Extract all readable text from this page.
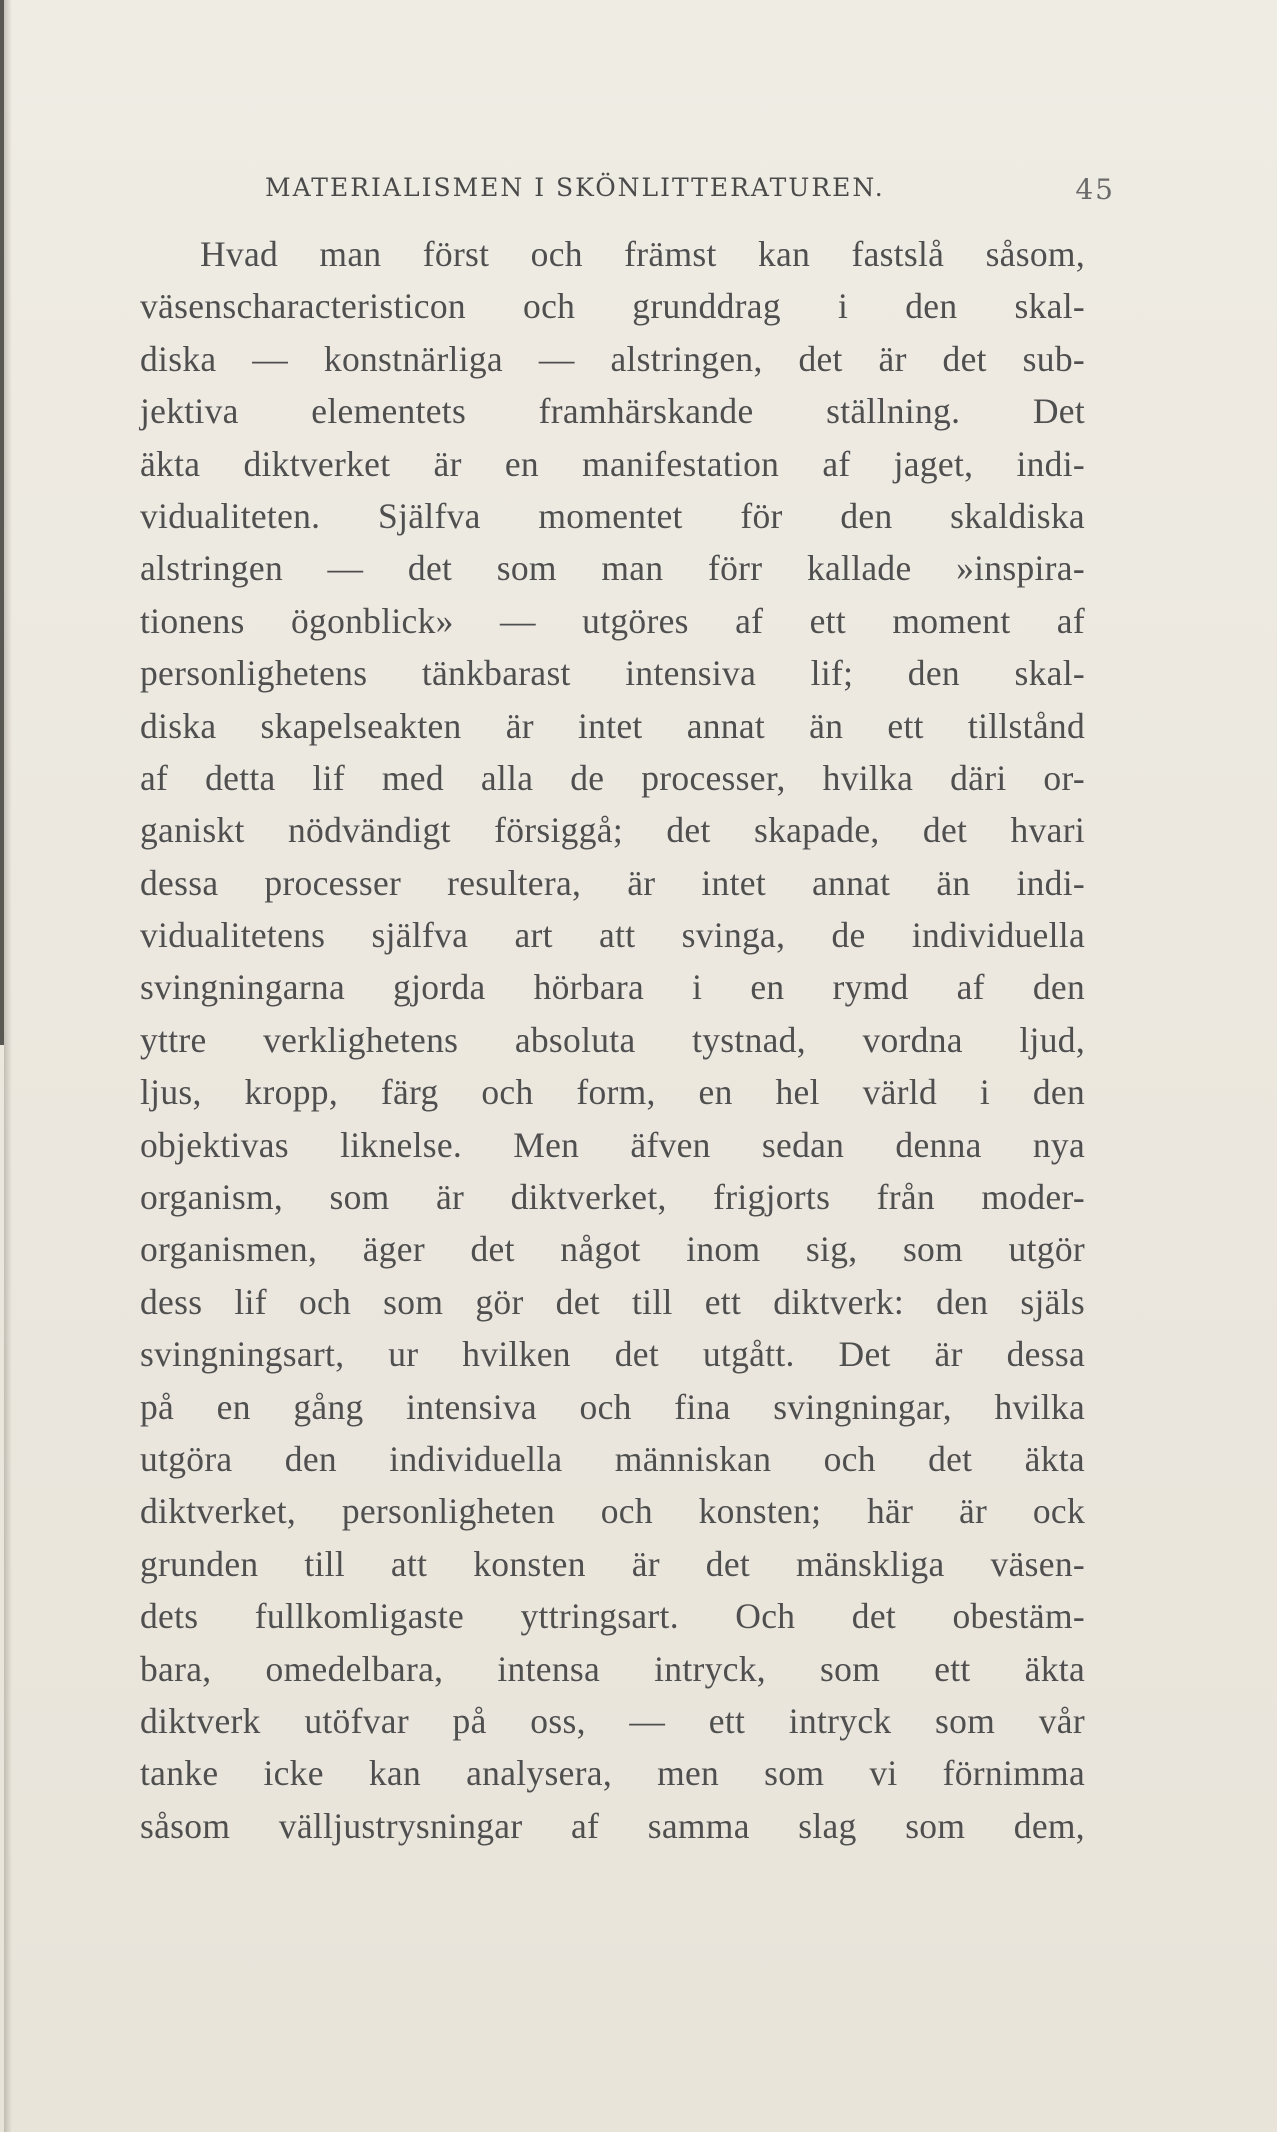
MATERIALISMEN I SKÖNLITTERATUREN.	45
Hvad man först och främst kan fastslå såsom,
väsenscharacteristicon och grunddrag i den skal-
diska — konstnärliga — alstringen, det är det sub-
jektiva elementets framhärskande ställning. Det
äkta diktverket är en manifestation af jaget, indi-
vidualiteten. Själfva momentet för den skaldiska
alstringen — det som man förr kallade »inspira-
tionens ögonblick» — utgöres af ett moment af
personlighetens tänkbarast intensiva lif; den skal-
diska skapelseakten är intet annat än ett tillstånd
af detta lif med alla de processer, hvilka däri or-
ganiskt nödvändigt försiggå; det skapade, det hvari
dessa processer resultera, är intet annat än indi-
vidualitetens själfva art att svinga, de individuella
svingningarna gjorda hörbara i en rymd af den
yttre verklighetens absoluta tystnad, vordna ljud,
ljus, kropp, färg och form, en hel värld i den
objektivas liknelse. Men äfven sedan denna nya
organism, som är diktverket, frigjorts från moder-
organismen, äger det något inom sig, som utgör
dess lif och som gör det till ett diktverk: den själs
svingningsart, ur hvilken det utgått. Det är dessa
på en gång intensiva och fina svingningar, hvilka
utgöra den individuella människan och det äkta
diktverket, personligheten och konsten; här är ock
grunden till att konsten är det mänskliga väsen-
dets fullkomligaste yttringsart. Och det obestäm-
bara, omedelbara, intensa intryck, som ett äkta
diktverk utöfvar på oss, — ett intryck som vår
tanke icke kan analysera, men som vi förnimma
såsom välljustrysningar af samma slag som dem,
